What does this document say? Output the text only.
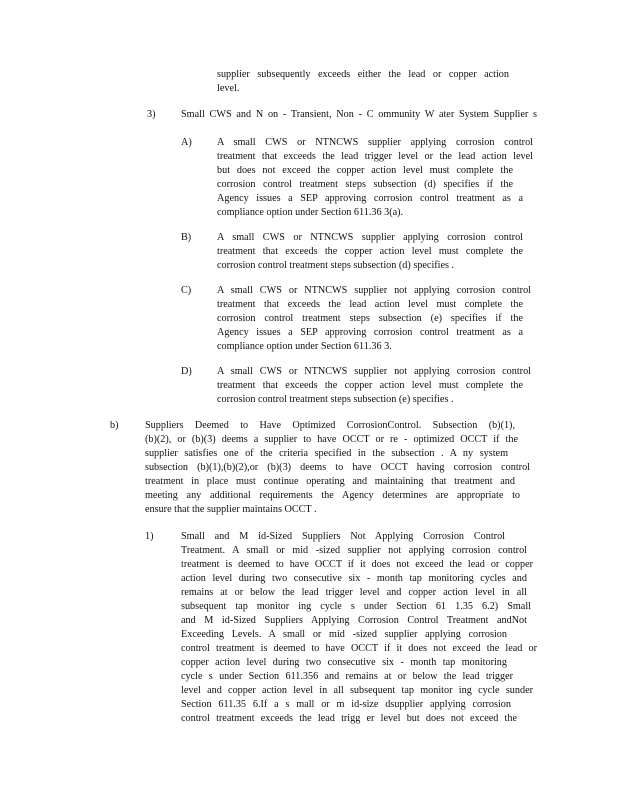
supplier subsequently exceeds either the lead or copper action
level.
3)	Small CWS and N on - Transient, Non - C ommunity W ater System Supplier s
A) A small CWS or NTNCWS supplier applying corrosion control
treatment that exceeds the lead trigger level or the lead action level
but does not exceed the copper action level must complete the
corrosion control treatment steps subsection (d) specifies if the
Agency issues a SEP approving corrosion control treatment as a
compliance option under Section 611.36 3(a).
B)	A small CWS or NTNCWS supplier applying corrosion control
treatment that exceeds the copper action level must complete the
corrosion control treatment steps subsection (d) specifies .
C)	A small CWS or NTNCWS supplier not applying corrosion control
treatment that exceeds the lead action level must complete the
corrosion control treatment steps subsection (e) specifies if the
Agency issues a SEP approving corrosion control treatment as a
compliance option under Section 611.36 3.
D) A small CWS or NTNCWS supplier not applying corrosion control
treatment that exceeds the copper action level must complete the
corrosion control treatment steps subsection (e) specifies .
b)	Suppliers Deemed to Have Optimized CorrosionControl. Subsection (b)(1),
(b)(2), or (b)(3) deems a supplier to have OCCT or re - optimized OCCT if the
supplier satisfies one of the criteria specified in the subsection . A ny system
subsection (b)(1),(b)(2),or (b)(3) deems to have OCCT having corrosion control
treatment in place must continue operating and maintaining that treatment and
meeting any additional requirements the Agency determines are appropriate to
ensure that the supplier maintains OCCT .
1)	Small and M id-Sized Suppliers Not Applying Corrosion Control
Treatment. A small or mid -sized supplier not applying corrosion control
treatment is deemed to have OCCT if it does not exceed the lead or copper
action level during two consecutive six - month tap monitoring cycles and
remains at or below the lead trigger level and copper action level in all
subsequent tap monitor ing cycle s under Section 61 1.35 6.2) Small
and M id-Sized Suppliers Applying Corrosion Control Treatment andNot
Exceeding Levels. A small or mid -sized supplier applying corrosion
control treatment is deemed to have OCCT if it does not exceed the lead or
copper action level during two consecutive six - month tap monitoring
cycle s under Section 611.356 and remains at or below the lead trigger
level and copper action level in all subsequent tap monitor ing cycle sunder
Section 611.35 6.If a s mall or m id-size dsupplier applying corrosion
control treatment exceeds the lead trigg er level but does not exceed the
